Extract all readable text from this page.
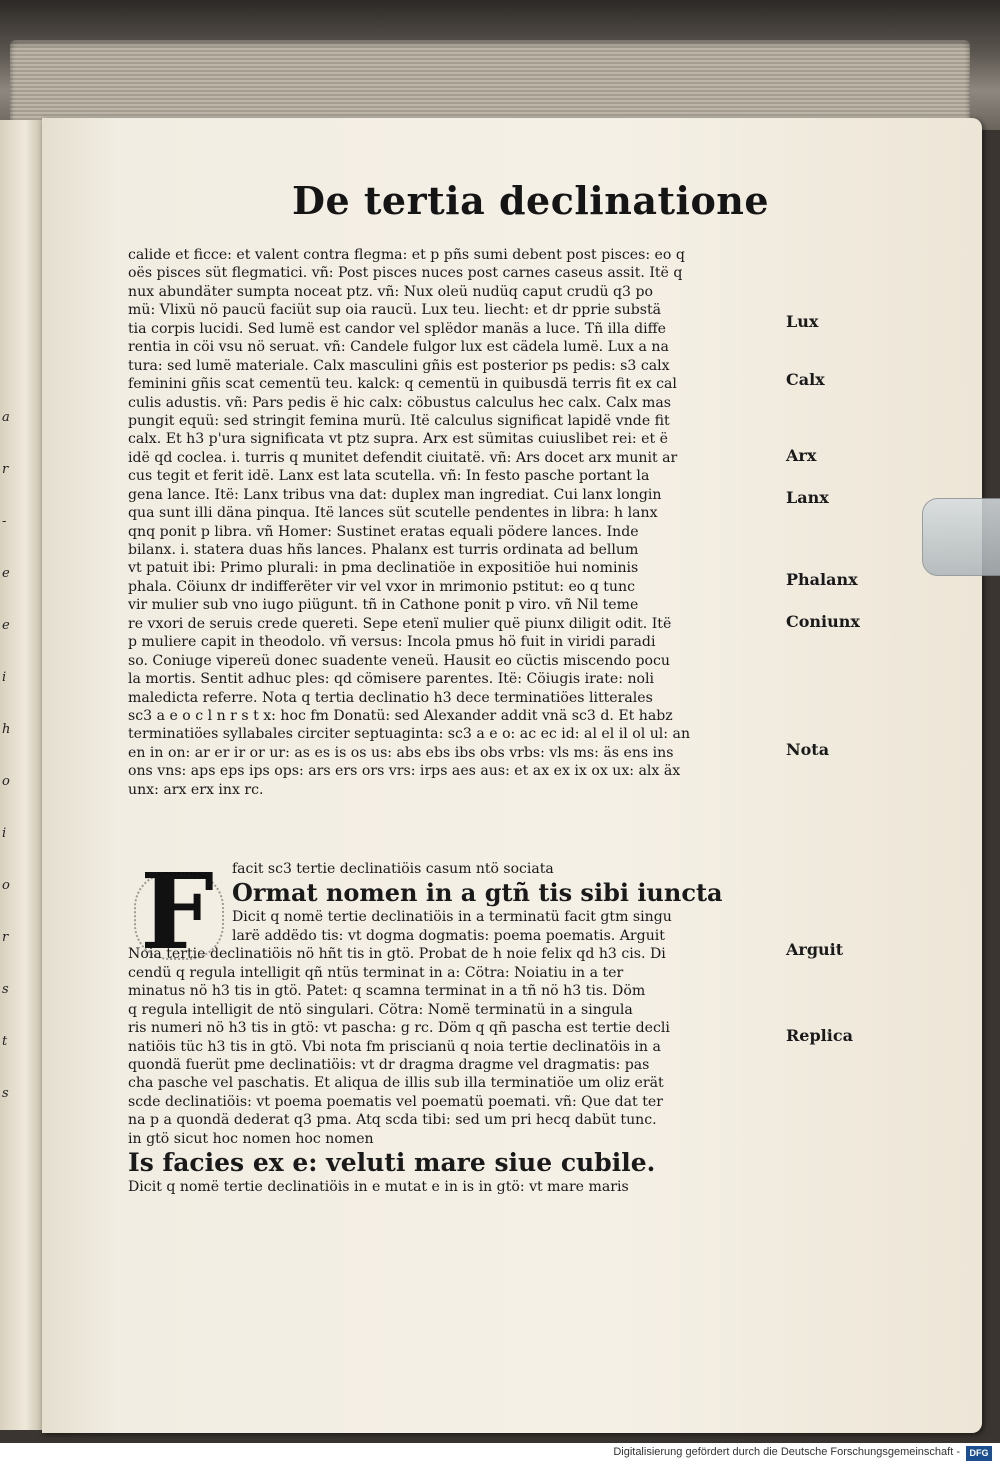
a
r
-
e
e
i
h
o
i
o
r
s
t
s
De tertia declinatione
calide et ficce: et valent contra flegma: et p pñs sumi debent post pisces: eo q
oës pisces süt flegmatici. vñ: Post pisces nuces post carnes caseus assit. Itë q
nux abundäter sumpta noceat ptz. vñ: Nux oleü nudüq caput crudü q3 po
mü: Vlixü nö paucü faciüt sup oia raucü. Lux teu. liecht: et dr pprie substä
tia corpis lucidi. Sed lumë est candor vel splëdor manäs a luce. Tñ illa diffe
rentia in cöi vsu nö seruat. vñ: Candele fulgor lux est cädela lumë. Lux a na
tura: sed lumë materiale. Calx masculini gñis est posterior ps pedis: s3 calx
feminini gñis scat cementü teu. kalck: q cementü in quibusdä terris fit ex cal
culis adustis. vñ: Pars pedis ë hic calx: cöbustus calculus hec calx. Calx mas
pungit equü: sed stringit femina murü. Itë calculus significat lapidë vnde fit
calx. Et h3 p'ura significata vt ptz supra. Arx est sümitas cuiuslibet rei: et ë
idë qd coclea. i. turris q munitet defendit ciuitatë. vñ: Ars docet arx munit ar
cus tegit et ferit idë. Lanx est lata scutella. vñ: In festo pasche portant la
gena lance. Itë: Lanx tribus vna dat: duplex man ingrediat. Cui lanx longin
qua sunt illi däna pinqua. Itë lances süt scutelle pendentes in libra: h lanx
qnq ponit p libra. vñ Homer: Sustinet eratas equali pödere lances. Inde
bilanx. i. statera duas hñs lances. Phalanx est turris ordinata ad bellum
vt patuit ibi: Primo plurali: in pma declinatiöe in expositiöe hui nominis
phala. Cöiunx dr indifferëter vir vel vxor in mrimonio pstitut: eo q tunc
vir mulier sub vno iugo piügunt. tñ in Cathone ponit p viro. vñ Nil teme
re vxori de seruis crede quereti. Sepe etenï mulier quë piunx diligit odit. Itë
p muliere capit in theodolo. vñ versus: Incola pmus hö fuit in viridi paradi
so. Coniuge vipereü donec suadente veneü. Hausit eo cüctis miscendo pocu
la mortis. Sentit adhuc ples: qd cömisere parentes. Itë: Cöiugis irate: noli
maledicta referre. Nota q tertia declinatio h3 dece terminatiöes litterales
sc3 a e o c l n r s t x: hoc fm Donatü: sed Alexander addit vnä sc3 d. Et habz
terminatiöes syllabales circiter septuaginta: sc3 a e o: ac ec id: al el il ol ul: an
en in on: ar er ir or ur: as es is os us: abs ebs ibs obs vrbs: vls ms: äs ens ins
ons vns: aps eps ips ops: ars ers ors vrs: irps aes aus: et ax ex ix ox ux: alx äx
unx: arx erx inx rc.
F	facit sc3 tertie declinatiöis casum ntö sociata
Ormat nomen in a gtñ tis sibi iuncta
Dicit q nomë tertie declinatiöis in a terminatü facit gtm singu
larë addëdo tis: vt dogma dogmatis: poema poematis. Arguit
Noia tertie declinatiöis nö hñt tis in gtö. Probat de h noie felix qd h3 cis. Di
cendü q regula intelligit qñ ntüs terminat in a: Cötra: Noiatiu in a ter
minatus nö h3 tis in gtö. Patet: q scamna terminat in a tñ nö h3 tis. Döm
q regula intelligit de ntö singulari. Cötra: Nomë terminatü in a singula
ris numeri nö h3 tis in gtö: vt pascha: g rc. Döm q qñ pascha est tertie decli
natiöis tüc h3 tis in gtö. Vbi nota fm priscianü q noia tertie declinatöis in a
quondä fuerüt pme declinatiöis: vt dr dragma dragme vel dragmatis: pas
cha pasche vel paschatis. Et aliqua de illis sub illa terminatiöe um oliz erät
scde declinatiöis: vt poema poematis vel poematü poemati. vñ: Que dat ter
na p a quondä dederat q3 pma. Atq scda tibi: sed um pri hecq dabüt tunc.
in gtö sicut hoc nomen hoc nomen
Is facies ex e: veluti mare siue cubile.
Dicit q nomë tertie declinatiöis in e mutat e in is in gtö: vt mare maris
Lux
Calx
Arx
Lanx
Phalanx
Coniunx
Nota
Arguit
Replica
Digitalisierung gefördert durch die Deutsche Forschungsgemeinschaft -	DFG
